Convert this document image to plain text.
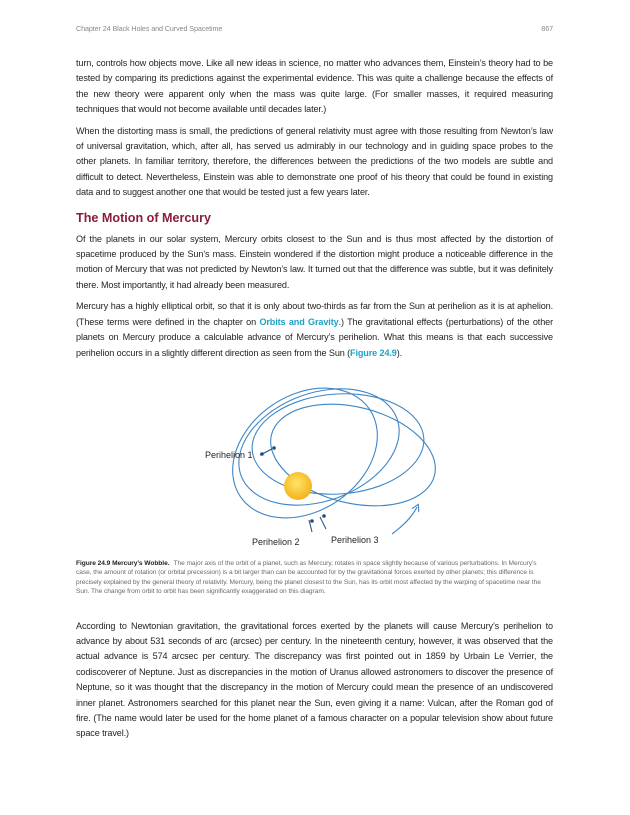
Chapter 24 Black Holes and Curved Spacetime	867

turn, controls how objects move. Like all new ideas in science, no matter who advances them, Einstein’s theory had to be tested by comparing its predictions against the experimental evidence. This was quite a challenge because the effects of the new theory were apparent only when the mass was quite large. (For smaller masses, it required measuring techniques that would not become available until decades later.)

When the distorting mass is small, the predictions of general relativity must agree with those resulting from Newton’s law of universal gravitation, which, after all, has served us admirably in our technology and in guiding space probes to the other planets. In familiar territory, therefore, the differences between the predictions of the two models are subtle and difficult to detect. Nevertheless, Einstein was able to demonstrate one proof of his theory that could be found in existing data and to suggest another one that would be tested just a few years later.

The Motion of Mercury

Of the planets in our solar system, Mercury orbits closest to the Sun and is thus most affected by the distortion of spacetime produced by the Sun’s mass. Einstein wondered if the distortion might produce a noticeable difference in the motion of Mercury that was not predicted by Newton’s law. It turned out that the difference was subtle, but it was definitely there. Most importantly, it had already been measured.

Mercury has a highly elliptical orbit, so that it is only about two-thirds as far from the Sun at perihelion as it is at aphelion. (These terms were defined in the chapter on Orbits and Gravity.) The gravitational effects (perturbations) of the other planets on Mercury produce a calculable advance of Mercury’s perihelion. What this means is that each successive perihelion occurs in a slightly different direction as seen from the Sun (Figure 24.9).

Perihelion 1
Perihelion 2	Perihelion 3

Figure 24.9 Mercury’s Wobble. The major axis of the orbit of a planet, such as Mercury, rotates in space slightly because of various perturbations. In Mercury’s case, the amount of rotation (or orbital precession) is a bit larger than can be accounted for by the gravitational forces exerted by other planets; this difference is precisely explained by the general theory of relativity. Mercury, being the planet closest to the Sun, has its orbit most affected by the warping of spacetime near the Sun. The change from orbit to orbit has been significantly exaggerated on this diagram.

According to Newtonian gravitation, the gravitational forces exerted by the planets will cause Mercury’s perihelion to advance by about 531 seconds of arc (arcsec) per century. In the nineteenth century, however, it was observed that the actual advance is 574 arcsec per century. The discrepancy was first pointed out in 1859 by Urbain Le Verrier, the codiscoverer of Neptune. Just as discrepancies in the motion of Uranus allowed astronomers to discover the presence of Neptune, so it was thought that the discrepancy in the motion of Mercury could mean the presence of an undiscovered inner planet. Astronomers searched for this planet near the Sun, even giving it a name: Vulcan, after the Roman god of fire. (The name would later be used for the home planet of a famous character on a popular television show about future space travel.)
